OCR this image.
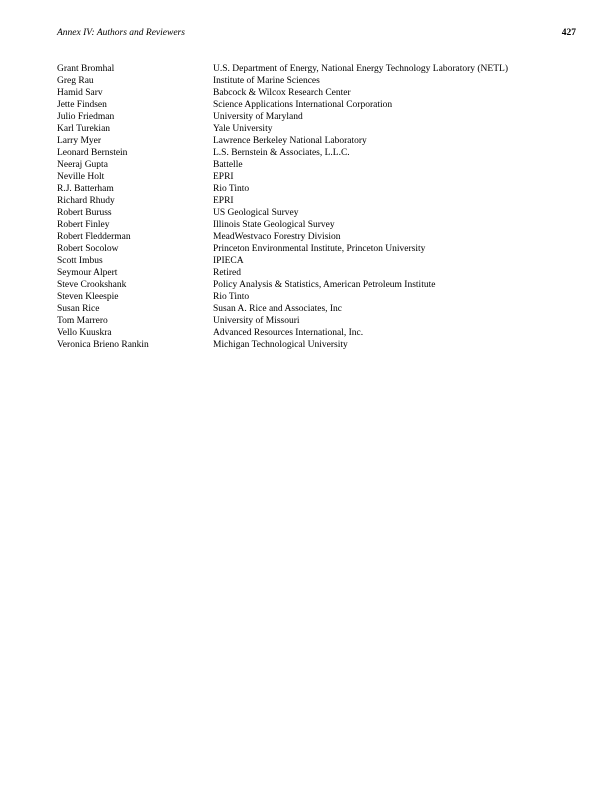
Annex IV: Authors and Reviewers	427
Grant Bromhal	U.S. Department of Energy, National Energy Technology Laboratory (NETL)
Greg Rau	Institute of Marine Sciences
Hamid Sarv	Babcock & Wilcox Research Center
Jette Findsen	Science Applications International Corporation
Julio Friedman	University of Maryland
Karl Turekian	Yale University
Larry Myer	Lawrence Berkeley National Laboratory
Leonard Bernstein	L.S. Bernstein & Associates, L.L.C.
Neeraj Gupta	Battelle
Neville Holt	EPRI
R.J. Batterham	Rio Tinto
Richard Rhudy	EPRI
Robert Buruss	US Geological Survey
Robert Finley	Illinois State Geological Survey
Robert Fledderman	MeadWestvaco Forestry Division
Robert Socolow	Princeton Environmental Institute, Princeton University
Scott Imbus	IPIECA
Seymour Alpert	Retired
Steve Crookshank	Policy Analysis & Statistics, American Petroleum Institute
Steven Kleespie	Rio Tinto
Susan Rice	Susan A. Rice and Associates, Inc
Tom Marrero	University of Missouri
Vello Kuuskra	Advanced Resources International, Inc.
Veronica Brieno Rankin	Michigan Technological University
